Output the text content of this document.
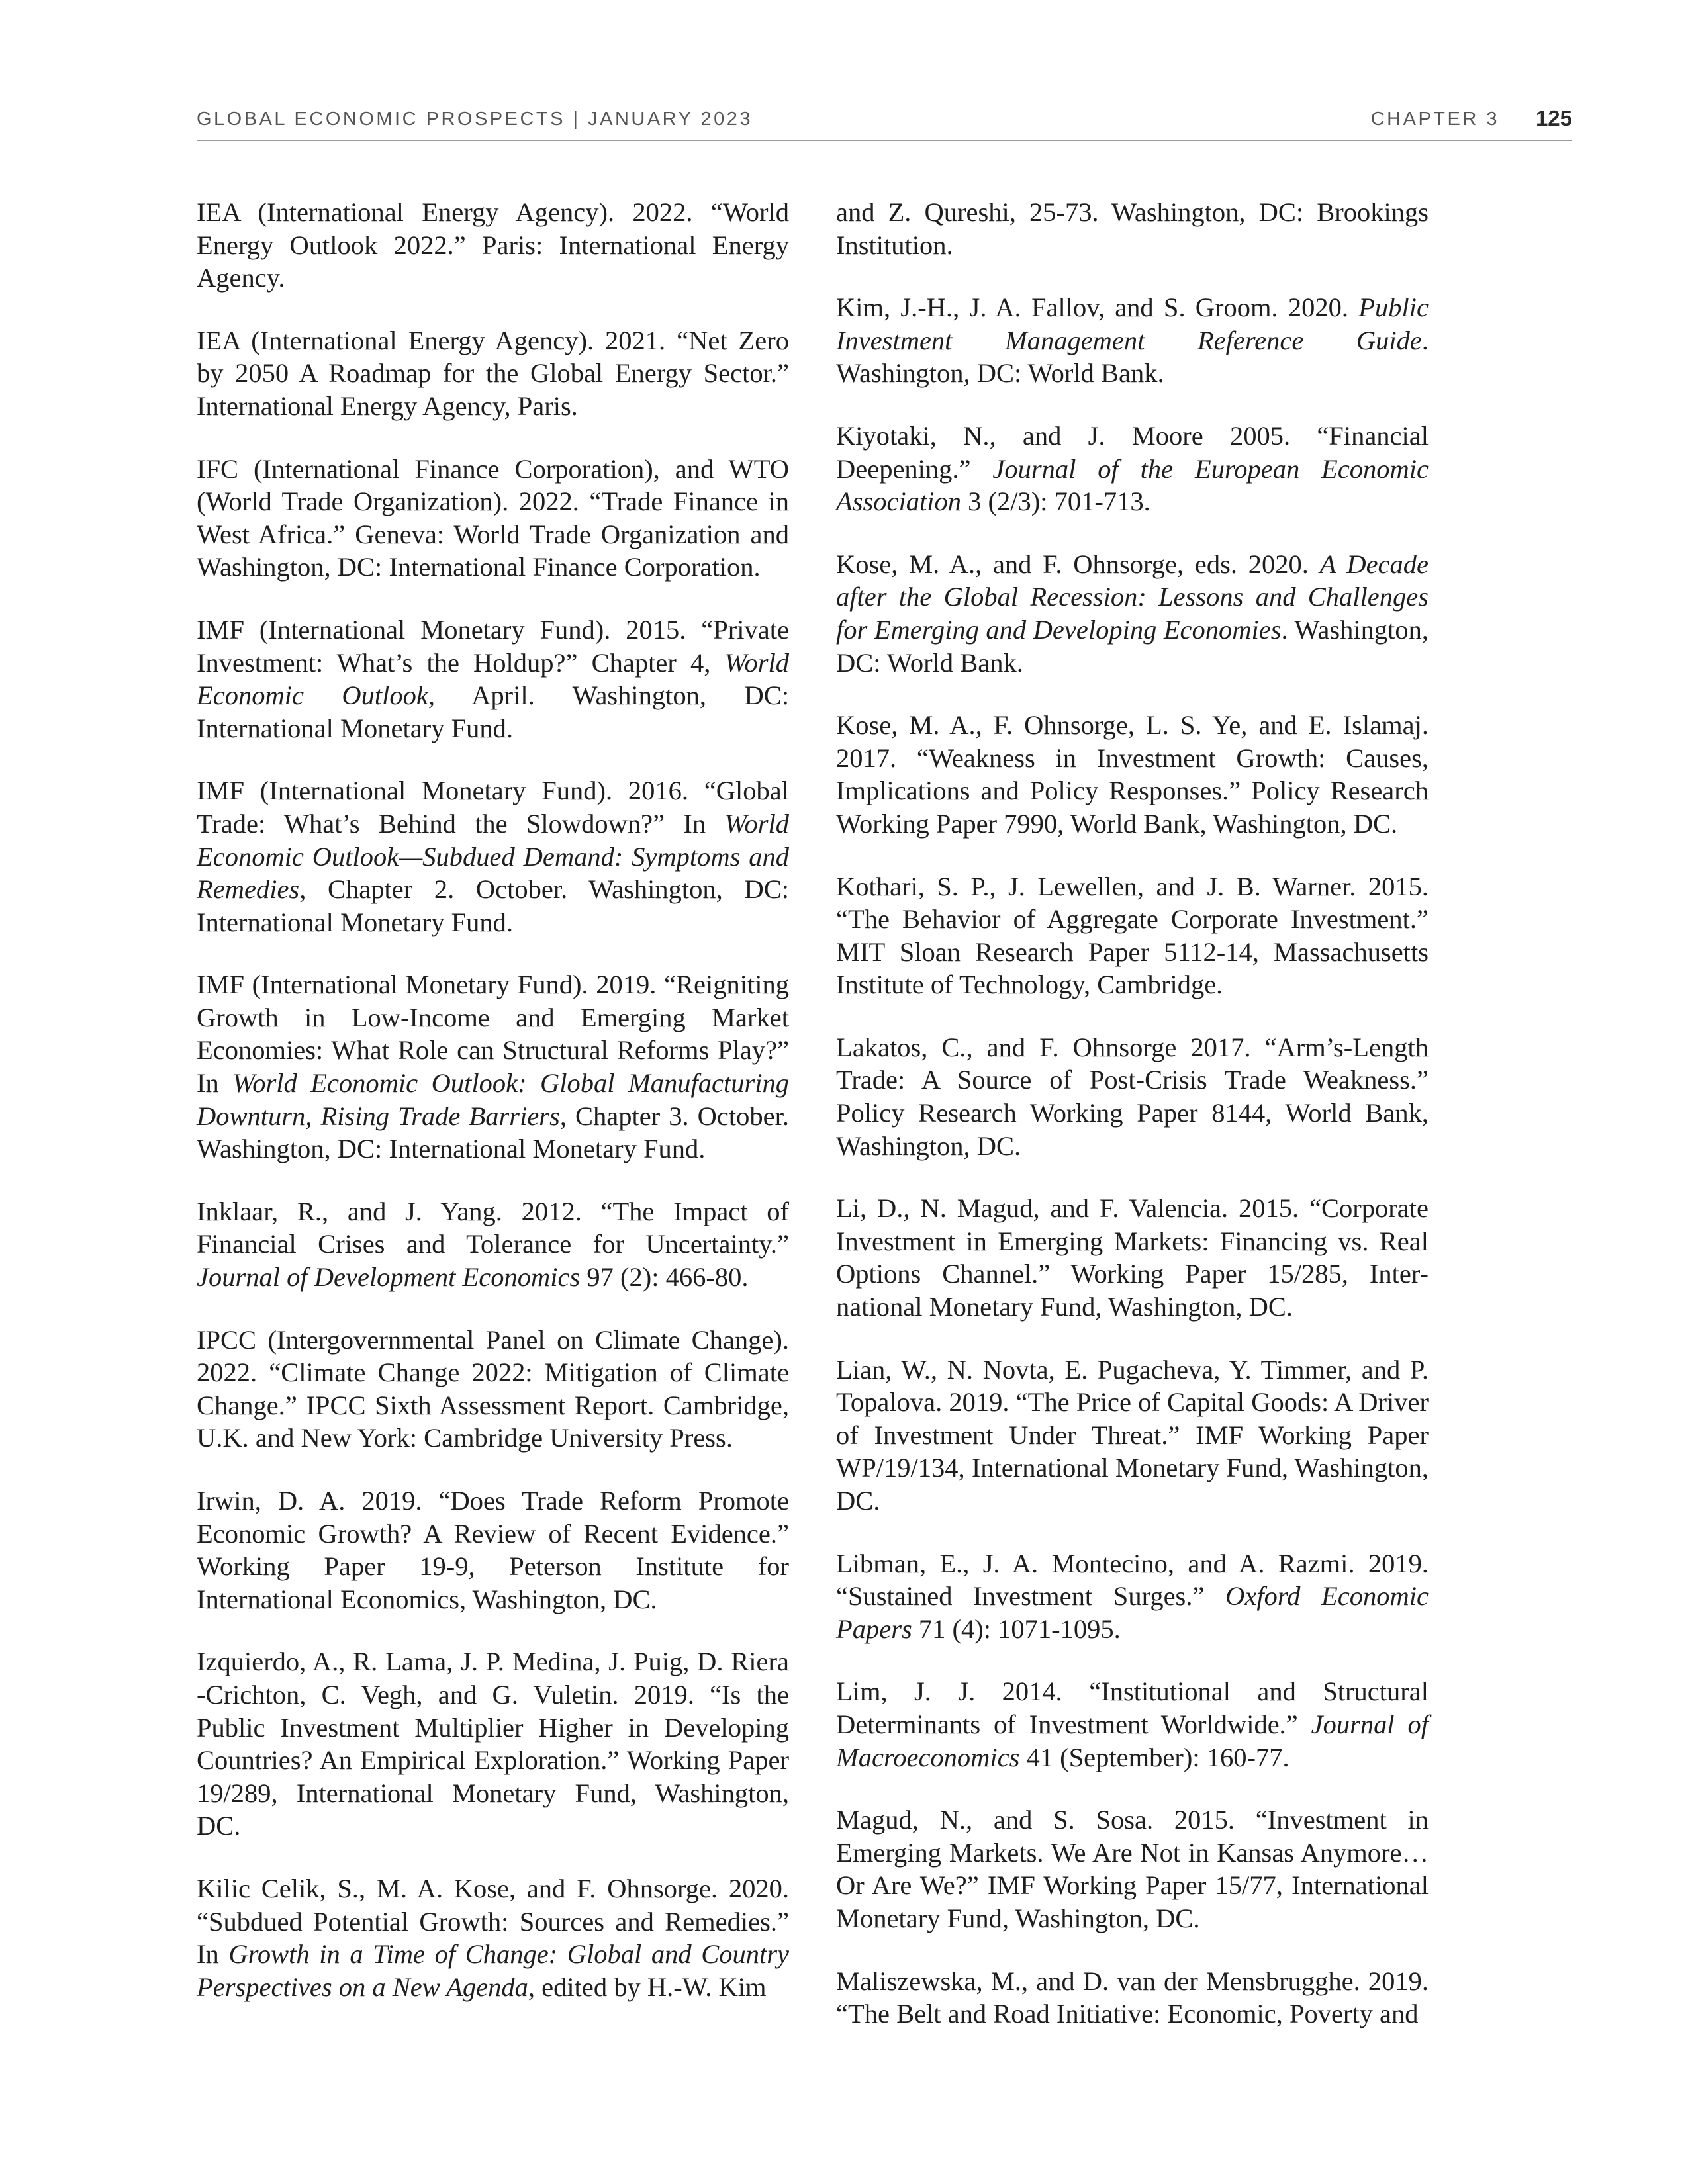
GLOBAL ECONOMIC PROSPECTS | JANUARY 2023	CHAPTER 3 125

IEA (International Energy Agency). 2022. “World Energy Outlook 2022.” Paris: International Energy Agency.

IEA (International Energy Agency). 2021. “Net Zero by 2050 A Roadmap for the Global Energy Sector.” International Energy Agency, Paris.

IFC (International Finance Corporation), and WTO (World Trade Organization). 2022. “Trade Finance in West Africa.” Geneva: World Trade Organization and Washington, DC: International Finance Corporation.

IMF (International Monetary Fund). 2015. “Private Investment: What’s the Holdup?” Chapter 4, World Economic Outlook, April. Washington, DC: International Monetary Fund.

IMF (International Monetary Fund). 2016. “Global Trade: What’s Behind the Slowdown?” In World Economic Outlook—Subdued Demand: Symptoms and Remedies, Chapter 2. October. Washington, DC: International Monetary Fund.

IMF (International Monetary Fund). 2019. “Reigniting Growth in Low-Income and Emerging Market Economies: What Role can Structural Reforms Play?” In World Economic Outlook: Global Manufacturing Downturn, Rising Trade Barriers, Chapter 3. October. Washington, DC: International Monetary Fund.

Inklaar, R., and J. Yang. 2012. “The Impact of Financial Crises and Tolerance for Uncertainty.” Journal of Development Economics 97 (2): 466-80.

IPCC (Intergovernmental Panel on Climate Change). 2022. “Climate Change 2022: Mitigation of Climate Change.” IPCC Sixth Assessment Report. Cambridge, U.K. and New York: Cambridge University Press.

Irwin, D. A. 2019. “Does Trade Reform Promote Economic Growth? A Review of Recent Evidence.” Working Paper 19-9, Peterson Institute for International Economics, Washington, DC.

Izquierdo, A., R. Lama, J. P. Medina, J. Puig, D. Riera -Crichton, C. Vegh, and G. Vuletin. 2019. “Is the Public Investment Multiplier Higher in Developing Countries? An Empirical Exploration.” Working Paper 19/289, International Monetary Fund, Washington, DC.

Kilic Celik, S., M. A. Kose, and F. Ohnsorge. 2020. “Subdued Potential Growth: Sources and Remedies.” In Growth in a Time of Change: Global and Country Perspectives on a New Agenda, edited by H.-W. Kim

and Z. Qureshi, 25-73. Washington, DC: Brookings Institution.

Kim, J.-H., J. A. Fallov, and S. Groom. 2020. Public Investment Management Reference Guide. Washington, DC: World Bank.

Kiyotaki, N., and J. Moore 2005. “Financial Deepening.” Journal of the European Economic Association 3 (2/3): 701-713.

Kose, M. A., and F. Ohnsorge, eds. 2020. A Decade after the Global Recession: Lessons and Challenges for Emerging and Developing Economies. Washington, DC: World Bank.

Kose, M. A., F. Ohnsorge, L. S. Ye, and E. Islamaj. 2017. “Weakness in Investment Growth: Causes, Implications and Policy Responses.” Policy Research Working Paper 7990, World Bank, Washington, DC.

Kothari, S. P., J. Lewellen, and J. B. Warner. 2015. “The Behavior of Aggregate Corporate Investment.” MIT Sloan Research Paper 5112-14, Massachusetts Institute of Technology, Cambridge.

Lakatos, C., and F. Ohnsorge 2017. “Arm’s-Length Trade: A Source of Post-Crisis Trade Weakness.” Policy Research Working Paper 8144, World Bank, Washington, DC.

Li, D., N. Magud, and F. Valencia. 2015. “Corporate Investment in Emerging Markets: Financing vs. Real Options Channel.” Working Paper 15/285, Inter-national Monetary Fund, Washington, DC.

Lian, W., N. Novta, E. Pugacheva, Y. Timmer, and P. Topalova. 2019. “The Price of Capital Goods: A Driver of Investment Under Threat.” IMF Working Paper WP/19/134, International Monetary Fund, Washington, DC.

Libman, E., J. A. Montecino, and A. Razmi. 2019. “Sustained Investment Surges.” Oxford Economic Papers 71 (4): 1071-1095.

Lim, J. J. 2014. “Institutional and Structural Determinants of Investment Worldwide.” Journal of Macroeconomics 41 (September): 160-77.

Magud, N., and S. Sosa. 2015. “Investment in Emerging Markets. We Are Not in Kansas Anymore…Or Are We?” IMF Working Paper 15/77, International Monetary Fund, Washington, DC.

Maliszewska, M., and D. van der Mensbrugghe. 2019. “The Belt and Road Initiative: Economic, Poverty and
